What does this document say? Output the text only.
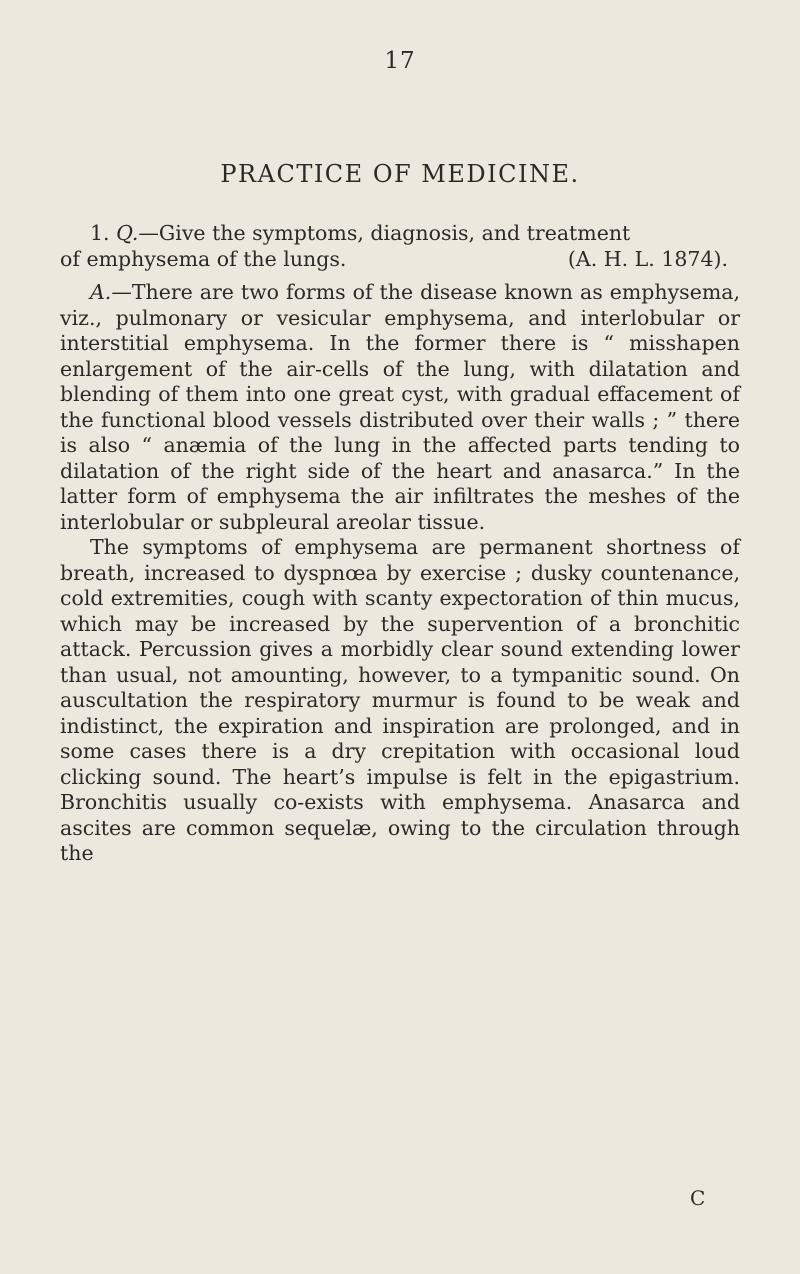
17
PRACTICE OF MEDICINE.

1. Q.—Give the symptoms, diagnosis, and treatment

of emphysema of the lungs.	(A. H. L. 1874).

A.—There are two forms of the disease known as emphysema, viz., pulmonary or vesicular emphysema, and interlobular or interstitial emphysema. In the former there is “ misshapen enlargement of the air-cells of the lung, with dilatation and blending of them into one great cyst, with gradual effacement of the functional blood vessels distributed over their walls ; ” there is also “ anæmia of the lung in the affected parts tending to dilatation of the right side of the heart and anasarca.” In the latter form of emphysema the air infiltrates the meshes of the interlobular or subpleural areolar tissue.

The symptoms of emphysema are permanent shortness of breath, increased to dyspnœa by exercise ; dusky countenance, cold extremities, cough with scanty expectoration of thin mucus, which may be increased by the supervention of a bronchitic attack. Percussion gives a morbidly clear sound extending lower than usual, not amounting, however, to a tympanitic sound. On auscultation the respiratory murmur is found to be weak and indistinct, the expiration and inspiration are prolonged, and in some cases there is a dry crepitation with occasional loud clicking sound. The heart’s impulse is felt in the epigastrium. Bronchitis usually co-exists with emphysema. Anasarca and ascites are common sequelæ, owing to the circulation through the

C
